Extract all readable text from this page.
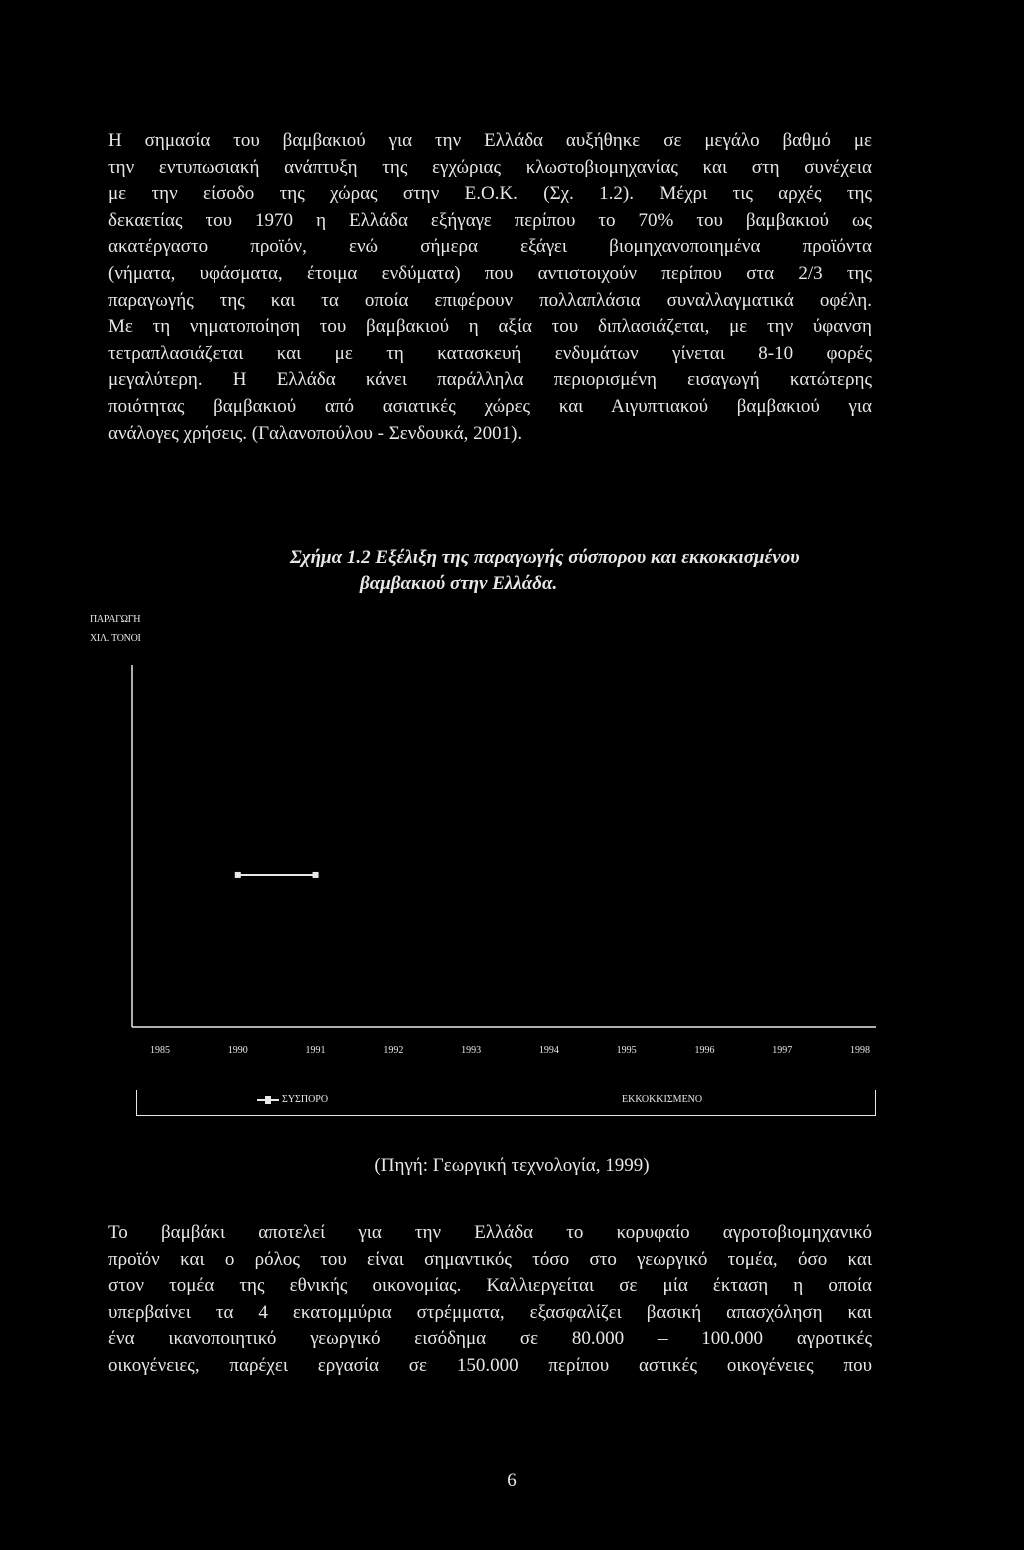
Η σημασία του βαμβακιού για την Ελλάδα αυξήθηκε σε μεγάλο βαθμό με
την εντυπωσιακή ανάπτυξη της εγχώριας κλωστοβιομηχανίας και στη συνέχεια
με την είσοδο της χώρας στην Ε.Ο.Κ. (Σχ. 1.2). Μέχρι τις αρχές της
δεκαετίας του 1970 η Ελλάδα εξήγαγε περίπου το 70% του βαμβακιού ως
ακατέργαστο προϊόν, ενώ σήμερα εξάγει βιομηχανοποιημένα προϊόντα
(νήματα, υφάσματα, έτοιμα ενδύματα) που αντιστοιχούν περίπου στα 2/3 της
παραγωγής της και τα οποία επιφέρουν πολλαπλάσια συναλλαγματικά οφέλη.
Με τη νηματοποίηση του βαμβακιού η αξία του διπλασιάζεται, με την ύφανση
τετραπλασιάζεται και με τη κατασκευή ενδυμάτων γίνεται 8-10 φορές
μεγαλύτερη. Η Ελλάδα κάνει παράλληλα περιορισμένη εισαγωγή κατώτερης
ποιότητας βαμβακιού από ασιατικές χώρες και Αιγυπτιακού βαμβακιού για
ανάλογες χρήσεις. (Γαλανοπούλου - Σενδουκά, 2001).
Σχήμα 1.2 Εξέλιξη της παραγωγής σύσπορου και εκκοκκισμένου
βαμβακιού στην Ελλάδα.
ΠΑΡΑΓΩΓΗ
ΧΙΛ. ΤΟΝΟΙ
1985	1990	1991	1992	1993	1994	1995	1996	1997	1998
ΣΥΣΠΟΡΟ	ΕΚΚΟΚΚΙΣΜΕΝΟ
(Πηγή: Γεωργική τεχνολογία, 1999)
Το βαμβάκι αποτελεί για την Ελλάδα το κορυφαίο αγροτοβιομηχανικό
προϊόν και ο ρόλος του είναι σημαντικός τόσο στο γεωργικό τομέα, όσο και
στον τομέα της εθνικής οικονομίας. Καλλιεργείται σε μία έκταση η οποία
υπερβαίνει τα 4 εκατομμύρια στρέμματα, εξασφαλίζει βασική απασχόληση και
ένα ικανοποιητικό γεωργικό εισόδημα σε 80.000 – 100.000 αγροτικές
οικογένειες, παρέχει εργασία σε 150.000 περίπου αστικές οικογένειες που
6
